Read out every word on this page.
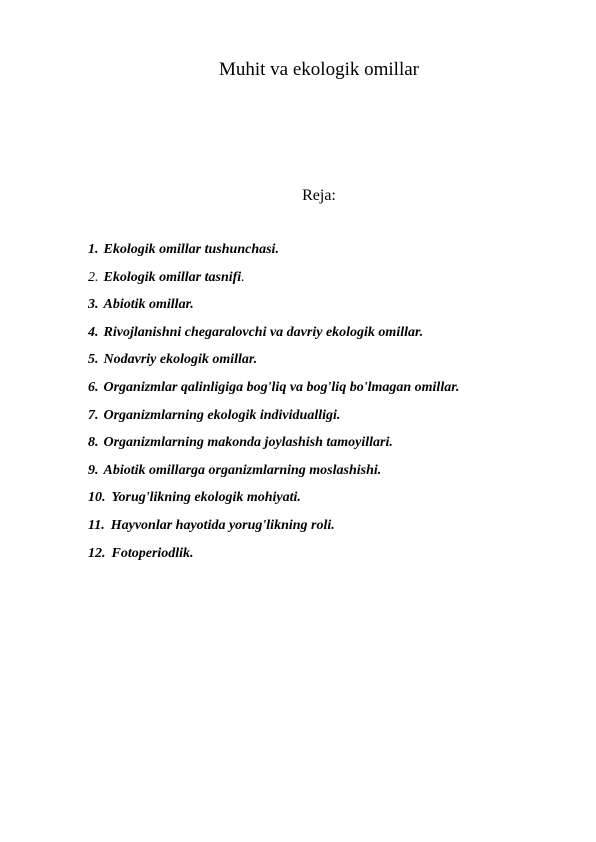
Muhit va ekologik omillar
Reja:
1. Ekologik omillar tushunchasi.
2. Ekologik omillar tasnifi.
3. Abiotik omillar.
4. Rivojlanishni chegaralovchi va davriy ekologik omillar.
5. Nodavriy ekologik omillar.
6. Organizmlar qalinligiga bog'liq va bog'liq bo'lmagan omillar.
7. Organizmlarning ekologik individualligi.
8. Organizmlarning makonda joylashish tamoyillari.
9. Abiotik omillarga organizmlarning moslashishi.
10. Yorug'likning ekologik mohiyati.
11. Hayvonlar hayotida yorug'likning roli.
12. Fotoperiodlik.
